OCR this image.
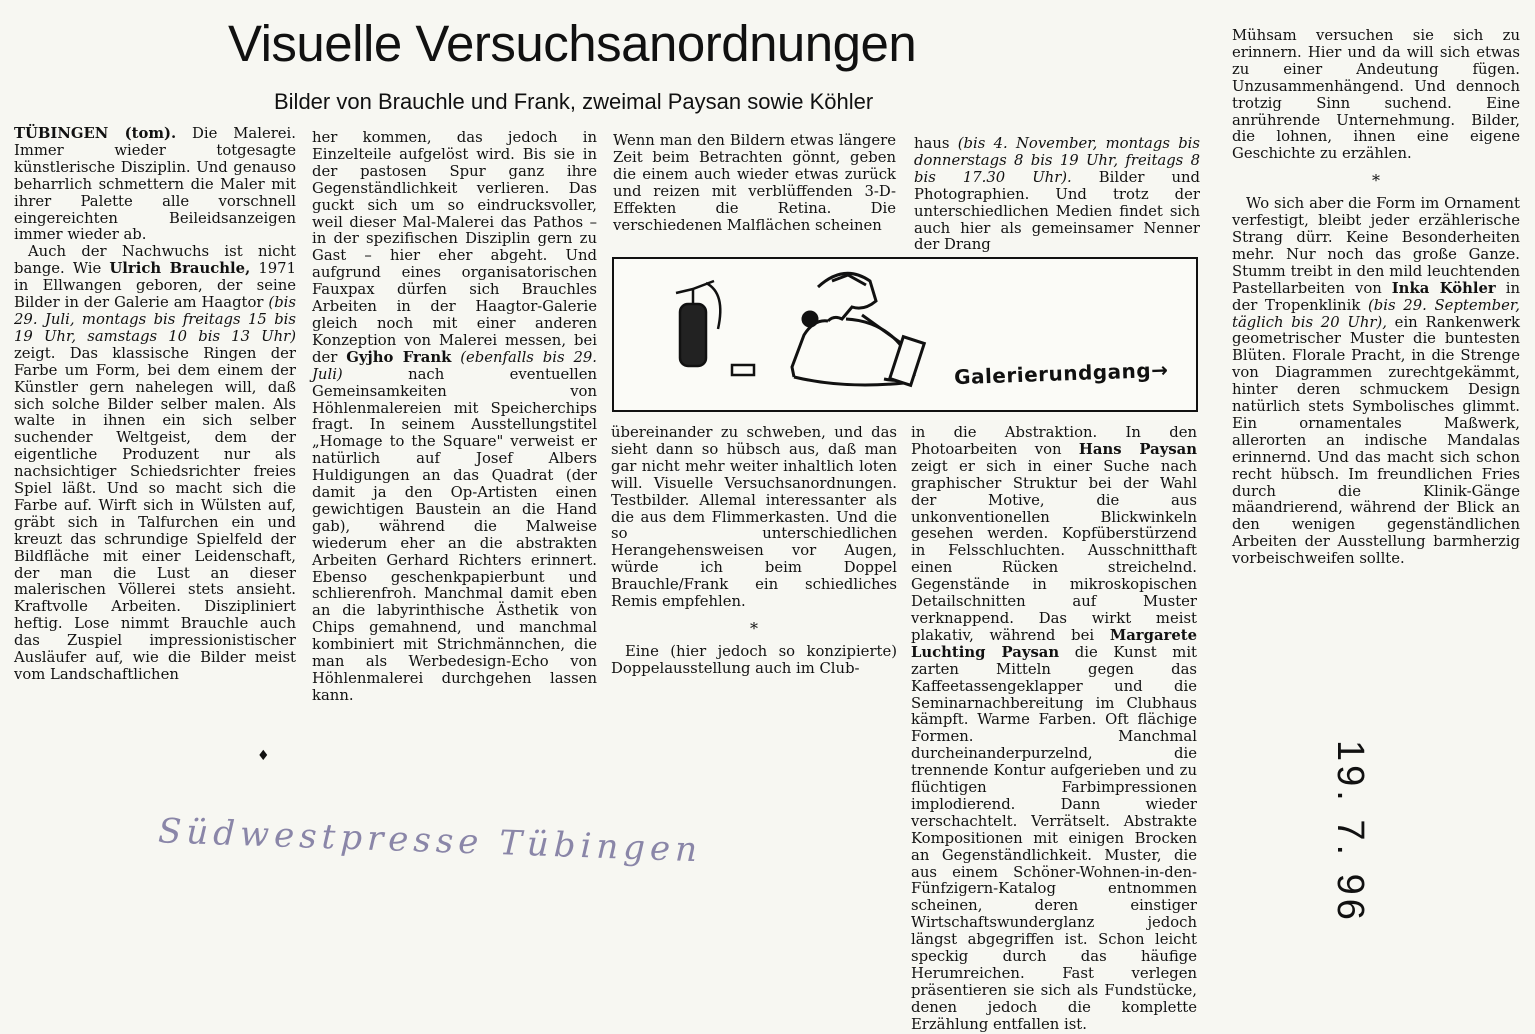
Visuelle Versuchsanordnungen
Bilder von Brauchle und Frank, zweimal Paysan sowie Köhler

TÜBINGEN (tom). Die Malerei. Immer wieder totgesagte künstlerische Disziplin. Und genauso beharrlich schmettern die Maler mit ihrer Palette alle vorschnell eingereichten Beileidsanzeigen immer wieder ab.

Auch der Nachwuchs ist nicht bange. Wie Ulrich Brauchle, 1971 in Ellwangen geboren, der seine Bilder in der Galerie am Haagtor (bis 29. Juli, montags bis freitags 15 bis 19 Uhr, samstags 10 bis 13 Uhr) zeigt. Das klassische Ringen der Farbe um Form, bei dem einem der Künstler gern nahelegen will, daß sich solche Bilder selber malen. Als walte in ihnen ein sich selber suchender Weltgeist, dem der eigentliche Produzent nur als nachsichtiger Schiedsrichter freies Spiel läßt. Und so macht sich die Farbe auf. Wirft sich in Wülsten auf, gräbt sich in Talfurchen ein und kreuzt das schrundige Spielfeld der Bildfläche mit einer Leidenschaft, der man die Lust an dieser malerischen Völlerei stets ansieht. Kraftvolle Arbeiten. Diszipliniert heftig. Lose nimmt Brauchle auch das Zuspiel impressionistischer Ausläufer auf, wie die Bilder meist vom Landschaftlichen

her kommen, das jedoch in Einzelteile aufgelöst wird. Bis sie in der pastosen Spur ganz ihre Gegenständlichkeit verlieren. Das guckt sich um so eindrucksvoller, weil dieser Mal-Malerei das Pathos – in der spezifischen Disziplin gern zu Gast – hier eher abgeht. Und aufgrund eines organisatorischen Fauxpax dürfen sich Brauchles Arbeiten in der Haagtor-Galerie gleich noch mit einer anderen Konzeption von Malerei messen, bei der Gyjho Frank (ebenfalls bis 29. Juli) nach eventuellen Gemeinsamkeiten von Höhlenmalereien mit Speicherchips fragt. In seinem Ausstellungstitel „Homage to the Square" verweist er natürlich auf Josef Albers Huldigungen an das Quadrat (der damit ja den Op-Artisten einen gewichtigen Baustein an die Hand gab), während die Malweise wiederum eher an die abstrakten Arbeiten Gerhard Richters erinnert. Ebenso geschenkpapierbunt und schlierenfroh. Manchmal damit eben an die labyrinthische Ästhetik von Chips gemahnend, und manchmal kombiniert mit Strichmännchen, die man als Werbedesign-Echo von Höhlenmalerei durchgehen lassen kann.

Wenn man den Bildern etwas längere Zeit beim Betrachten gönnt, geben die einem auch wieder etwas zurück und reizen mit verblüffenden 3-D-Effekten die Retina. Die verschiedenen Malflächen scheinen

haus (bis 4. November, montags bis donnerstags 8 bis 19 Uhr, freitags 8 bis 17.30 Uhr). Bilder und Photographien. Und trotz der unterschiedlichen Medien findet sich auch hier als gemeinsamer Nenner der Drang

Galerierundgang→

übereinander zu schweben, und das sieht dann so hübsch aus, daß man gar nicht mehr weiter inhaltlich loten will. Visuelle Versuchsanordnungen. Testbilder. Allemal interessanter als die aus dem Flimmerkasten. Und die so unterschiedlichen Herangehensweisen vor Augen, würde ich beim Doppel Brauchle/Frank ein schiedliches Remis empfehlen.

*

Eine (hier jedoch so konzipierte) Doppelausstellung auch im Club-

in die Abstraktion. In den Photoarbeiten von Hans Paysan zeigt er sich in einer Suche nach graphischer Struktur bei der Wahl der Motive, die aus unkonventionellen Blickwinkeln gesehen werden. Kopfüberstürzend in Felsschluchten. Ausschnitthaft einen Rücken streichelnd. Gegenstände in mikroskopischen Detailschnitten auf Muster verknappend. Das wirkt meist plakativ, während bei Margarete Luchting Paysan die Kunst mit zarten Mitteln gegen das Kaffeetassengeklapper und die Seminarnachbereitung im Clubhaus kämpft. Warme Farben. Oft flächige Formen. Manchmal durcheinanderpurzelnd, die trennende Kontur aufgerieben und zu flüchtigen Farbimpressionen implodierend. Dann wieder verschachtelt. Verrätselt. Abstrakte Kompositionen mit einigen Brocken an Gegenständlichkeit. Muster, die aus einem Schöner-Wohnen-in-den-Fünfzigern-Katalog entnommen scheinen, deren einstiger Wirtschaftswunderglanz jedoch längst abgegriffen ist. Schon leicht speckig durch das häufige Herumreichen. Fast verlegen präsentieren sie sich als Fundstücke, denen jedoch die komplette Erzählung entfallen ist.

Mühsam versuchen sie sich zu erinnern. Hier und da will sich etwas zu einer Andeutung fügen. Unzusammenhängend. Und dennoch trotzig Sinn suchend. Eine anrührende Unternehmung. Bilder, die lohnen, ihnen eine eigene Geschichte zu erzählen.

*

Wo sich aber die Form im Ornament verfestigt, bleibt jeder erzählerische Strang dürr. Keine Besonderheiten mehr. Nur noch das große Ganze. Stumm treibt in den mild leuchtenden Pastellarbeiten von Inka Köhler in der Tropenklinik (bis 29. September, täglich bis 20 Uhr), ein Rankenwerk geometrischer Muster die buntesten Blüten. Florale Pracht, in die Strenge von Diagrammen zurechtgekämmt, hinter deren schmuckem Design natürlich stets Symbolisches glimmt. Ein ornamentales Maßwerk, allerorten an indische Mandalas erinnernd. Und das macht sich schon recht hübsch. Im freundlichen Fries durch die Klinik-Gänge mäandrierend, während der Blick an den wenigen gegenständlichen Arbeiten der Ausstellung barmherzig vorbeischweifen sollte.

♦
Südwestpresse Tübingen	19. 7. 96
